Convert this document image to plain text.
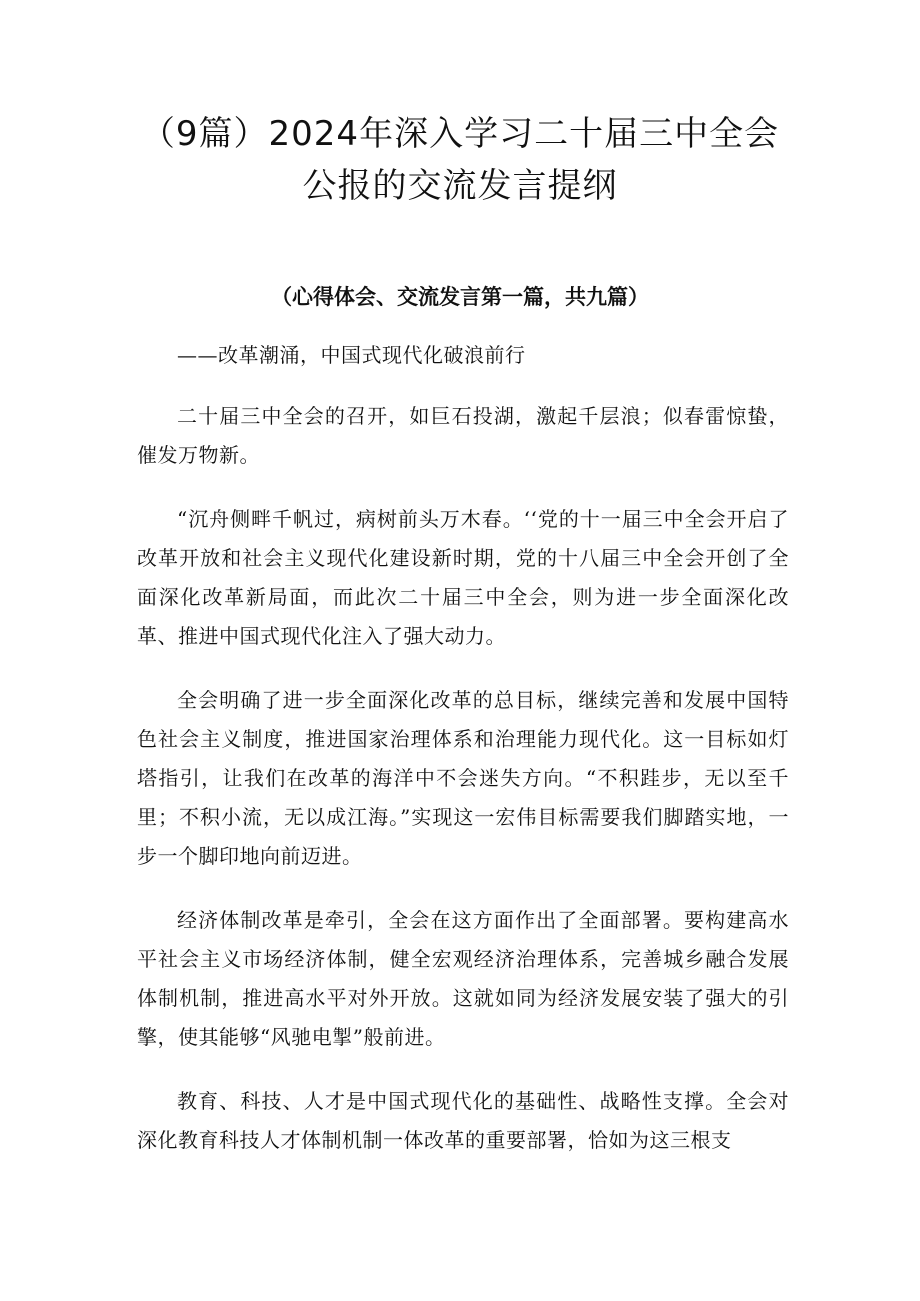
（9篇）2024年深入学习二十届三中全会
公报的交流发言提纲
（心得体会、交流发言第一篇，共九篇）

——改革潮涌，中国式现代化破浪前行

二十届三中全会的召开，如巨石投湖，激起千层浪；似春雷惊蛰，催发万物新。

“沉舟侧畔千帆过，病树前头万木春。‘‘党的十一届三中全会开启了改革开放和社会主义现代化建设新时期，党的十八届三中全会开创了全面深化改革新局面，而此次二十届三中全会，则为进一步全面深化改革、推进中国式现代化注入了强大动力。

全会明确了进一步全面深化改革的总目标，继续完善和发展中国特色社会主义制度，推进国家治理体系和治理能力现代化。这一目标如灯塔指引，让我们在改革的海洋中不会迷失方向。“不积跬步，无以至千里；不积小流，无以成江海。”实现这一宏伟目标需要我们脚踏实地，一步一个脚印地向前迈进。

经济体制改革是牵引，全会在这方面作出了全面部署。要构建高水平社会主义市场经济体制，健全宏观经济治理体系，完善城乡融合发展体制机制，推进高水平对外开放。这就如同为经济发展安装了强大的引擎，使其能够“风驰电掣”般前进。

教育、科技、人才是中国式现代化的基础性、战略性支撑。全会对深化教育科技人才体制机制一体改革的重要部署，恰如为这三根支
